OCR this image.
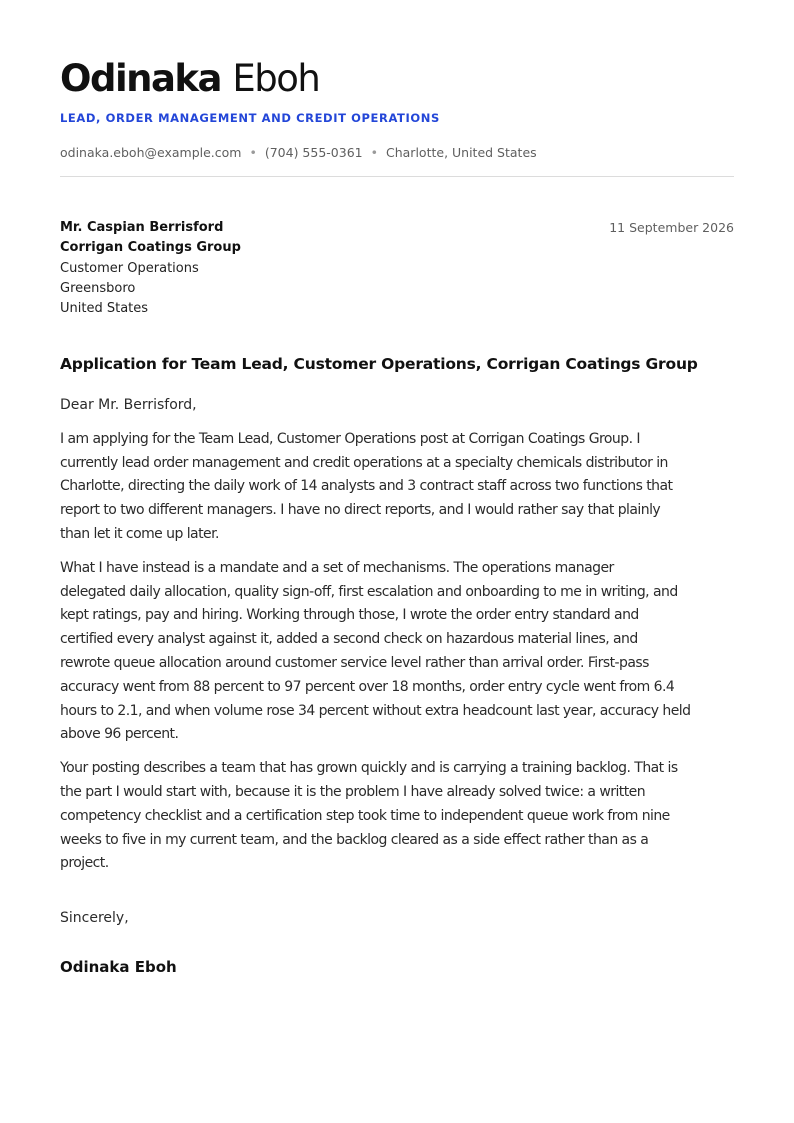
Odinaka Eboh
LEAD, ORDER MANAGEMENT AND CREDIT OPERATIONS
odinaka.eboh@example.com • (704) 555-0361 • Charlotte, United States
Mr. Caspian Berrisford
Corrigan Coatings Group
Customer Operations
Greensboro
United States
11 September 2026
Application for Team Lead, Customer Operations, Corrigan Coatings Group
Dear Mr. Berrisford,
I am applying for the Team Lead, Customer Operations post at Corrigan Coatings Group. I
currently lead order management and credit operations at a specialty chemicals distributor in
Charlotte, directing the daily work of 14 analysts and 3 contract staff across two functions that
report to two different managers. I have no direct reports, and I would rather say that plainly
than let it come up later.
What I have instead is a mandate and a set of mechanisms. The operations manager
delegated daily allocation, quality sign-off, first escalation and onboarding to me in writing, and
kept ratings, pay and hiring. Working through those, I wrote the order entry standard and
certified every analyst against it, added a second check on hazardous material lines, and
rewrote queue allocation around customer service level rather than arrival order. First-pass
accuracy went from 88 percent to 97 percent over 18 months, order entry cycle went from 6.4
hours to 2.1, and when volume rose 34 percent without extra headcount last year, accuracy held
above 96 percent.
Your posting describes a team that has grown quickly and is carrying a training backlog. That is
the part I would start with, because it is the problem I have already solved twice: a written
competency checklist and a certification step took time to independent queue work from nine
weeks to five in my current team, and the backlog cleared as a side effect rather than as a
project.
Sincerely,
Odinaka Eboh
